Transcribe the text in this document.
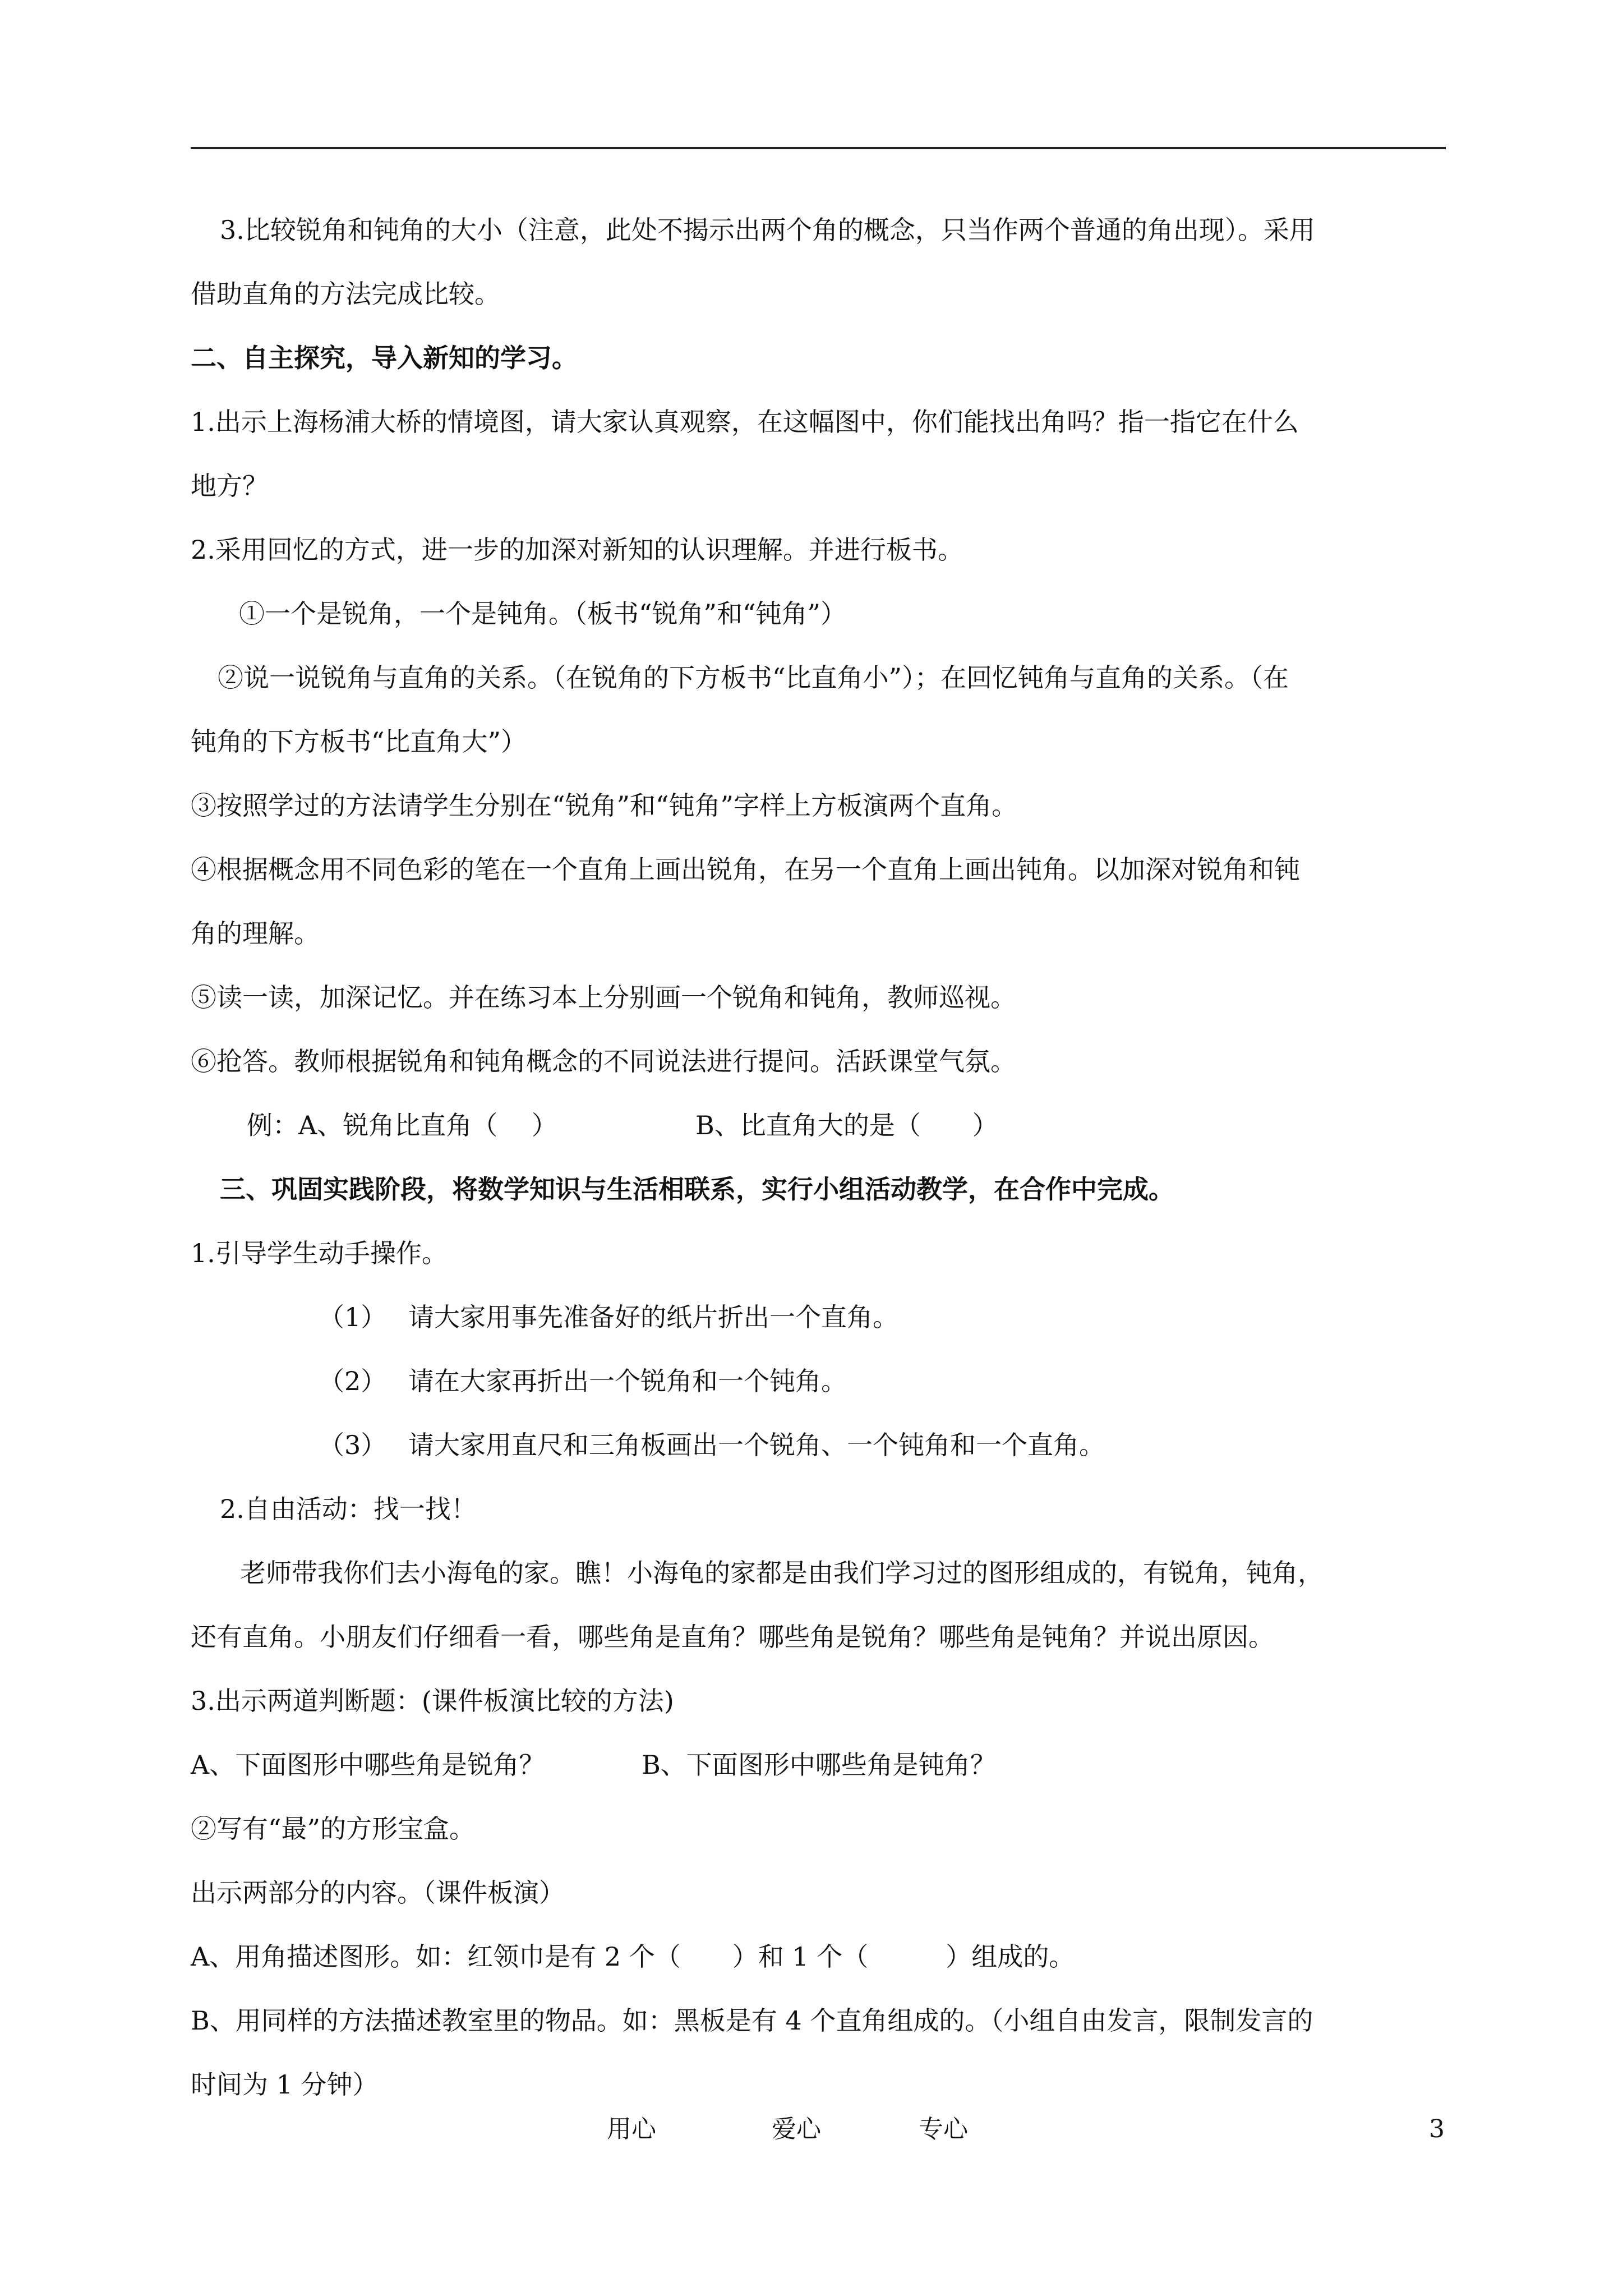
3.比较锐角和钝角的大小（注意，此处不揭示出两个角的概念，只当作两个普通的角出现）。采用
借助直角的方法完成比较。
二、自主探究，导入新知的学习。
1.出示上海杨浦大桥的情境图，请大家认真观察，在这幅图中，你们能找出角吗？指一指它在什么
地方？
2.采用回忆的方式，进一步的加深对新知的认识理解。并进行板书。
①一个是锐角，一个是钝角。（板书“锐角”和“钝角”）
②说一说锐角与直角的关系。（在锐角的下方板书“比直角小”）；在回忆钝角与直角的关系。（在
钝角的下方板书“比直角大”）
③按照学过的方法请学生分别在“锐角”和“钝角”字样上方板演两个直角。
④根据概念用不同色彩的笔在一个直角上画出锐角，在另一个直角上画出钝角。以加深对锐角和钝
角的理解。
⑤读一读，加深记忆。并在练习本上分别画一个锐角和钝角，教师巡视。
⑥抢答。教师根据锐角和钝角概念的不同说法进行提问。活跃课堂气氛。
例：A、锐角比直角（　 ）	B、比直角大的是（　　）
三、巩固实践阶段，将数学知识与生活相联系，实行小组活动教学，在合作中完成。
1.引导学生动手操作。
（1） 请大家用事先准备好的纸片折出一个直角。
（2） 请在大家再折出一个锐角和一个钝角。
（3） 请大家用直尺和三角板画出一个锐角、一个钝角和一个直角。
2.自由活动：找一找！
老师带我你们去小海龟的家。瞧！小海龟的家都是由我们学习过的图形组成的，有锐角，钝角，
还有直角。小朋友们仔细看一看，哪些角是直角？哪些角是锐角？哪些角是钝角？并说出原因。
3.出示两道判断题：(课件板演比较的方法)
A、下面图形中哪些角是锐角？	B、下面图形中哪些角是钝角？
②写有“最”的方形宝盒。
出示两部分的内容。（课件板演）
A、用角描述图形。如：红领巾是有 2 个（　　）和 1 个（　　　）组成的。
B、用同样的方法描述教室里的物品。如：黑板是有 4 个直角组成的。（小组自由发言，限制发言的
时间为 1 分钟）
用心	爱心	专心	3
